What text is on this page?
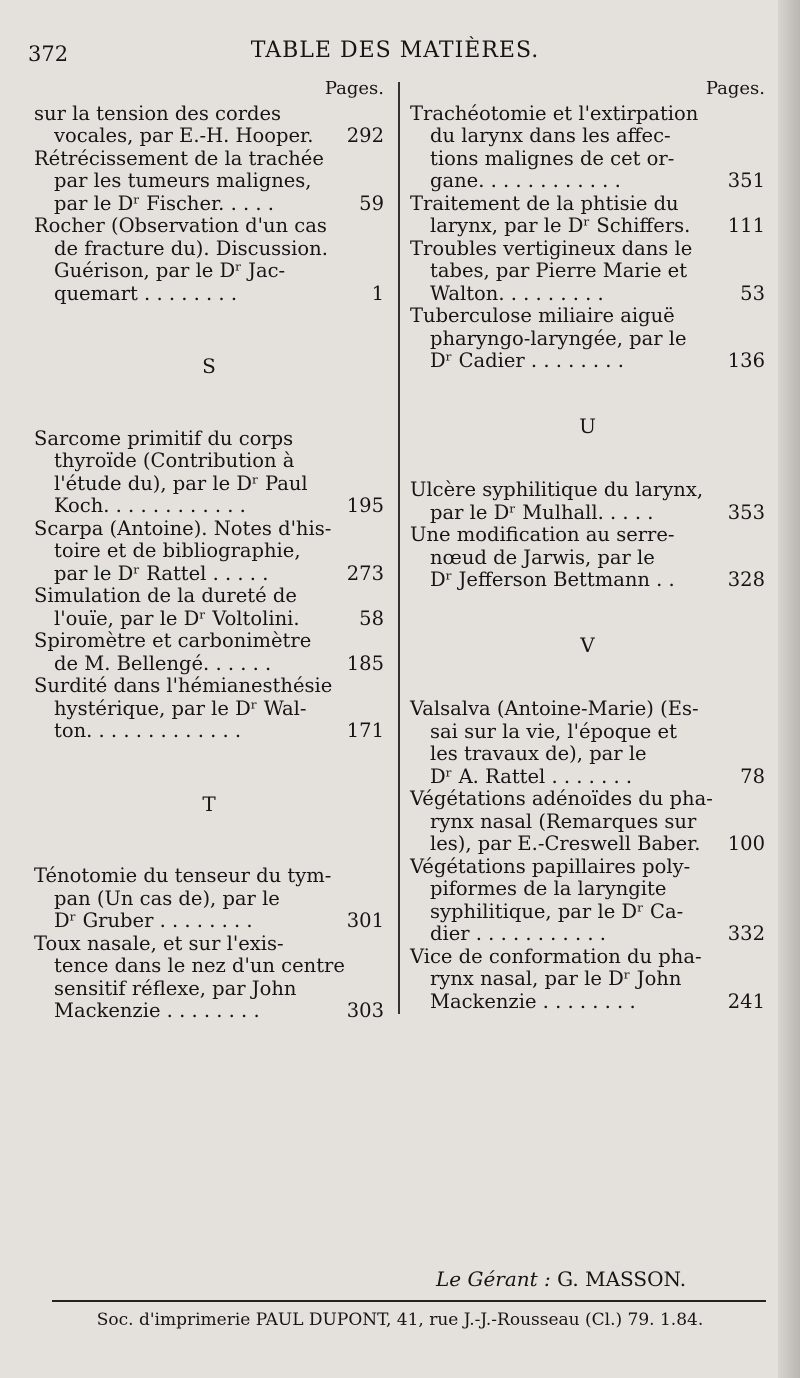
372	TABLE DES MATIÈRES.
Pages.
sur la tension des cordes
vocales, par E.-H. Hooper.	292
Rétrécissement de la trachée
par les tumeurs malignes,
par le Dʳ Fischer. . . . .	59
Rocher (Observation d'un cas
de fracture du). Discussion.
Guérison, par le Dʳ Jac-
quemart . . . . . . . .	1
S
Sarcome primitif du corps
thyroïde (Contribution à
l'étude du), par le Dʳ Paul
Koch. . . . . . . . . . . .	195
Scarpa (Antoine). Notes d'his-
toire et de bibliographie,
par le Dʳ Rattel . . . . .	273
Simulation de la dureté de
l'ouïe, par le Dʳ Voltolini.	58
Spiromètre et carbonimètre
de M. Bellengé. . . . . .	185
Surdité dans l'hémianesthésie
hystérique, par le Dʳ Wal-
ton. . . . . . . . . . . . .	171
T
Ténotomie du tenseur du tym-
pan (Un cas de), par le
Dʳ Gruber . . . . . . . .	301
Toux nasale, et sur l'exis-
tence dans le nez d'un centre
sensitif réflexe, par John
Mackenzie . . . . . . . .	303
Pages.
Trachéotomie et l'extirpation
du larynx dans les affec-
tions malignes de cet or-
gane. . . . . . . . . . . .	351
Traitement de la phtisie du
larynx, par le Dʳ Schiffers.	111
Troubles vertigineux dans le
tabes, par Pierre Marie et
Walton. . . . . . . . .	53
Tuberculose miliaire aiguë
pharyngo-laryngée, par le
Dʳ Cadier . . . . . . . .	136
U
Ulcère syphilitique du larynx,
par le Dʳ Mulhall. . . . .	353
Une modification au serre-
nœud de Jarwis, par le
Dʳ Jefferson Bettmann . .	328
V
Valsalva (Antoine-Marie) (Es-
sai sur la vie, l'époque et
les travaux de), par le
Dʳ A. Rattel . . . . . . .	78
Végétations adénoïdes du pha-
rynx nasal (Remarques sur
les), par E.-Creswell Baber.	100
Végétations papillaires poly-
piformes de la laryngite
syphilitique, par le Dʳ Ca-
dier . . . . . . . . . . .	332
Vice de conformation du pha-
rynx nasal, par le Dʳ John
Mackenzie . . . . . . . .	241
Le Gérant : G. MASSON.
Soc. d'imprimerie PAUL DUPONT, 41, rue J.-J.-Rousseau (Cl.) 79. 1.84.
